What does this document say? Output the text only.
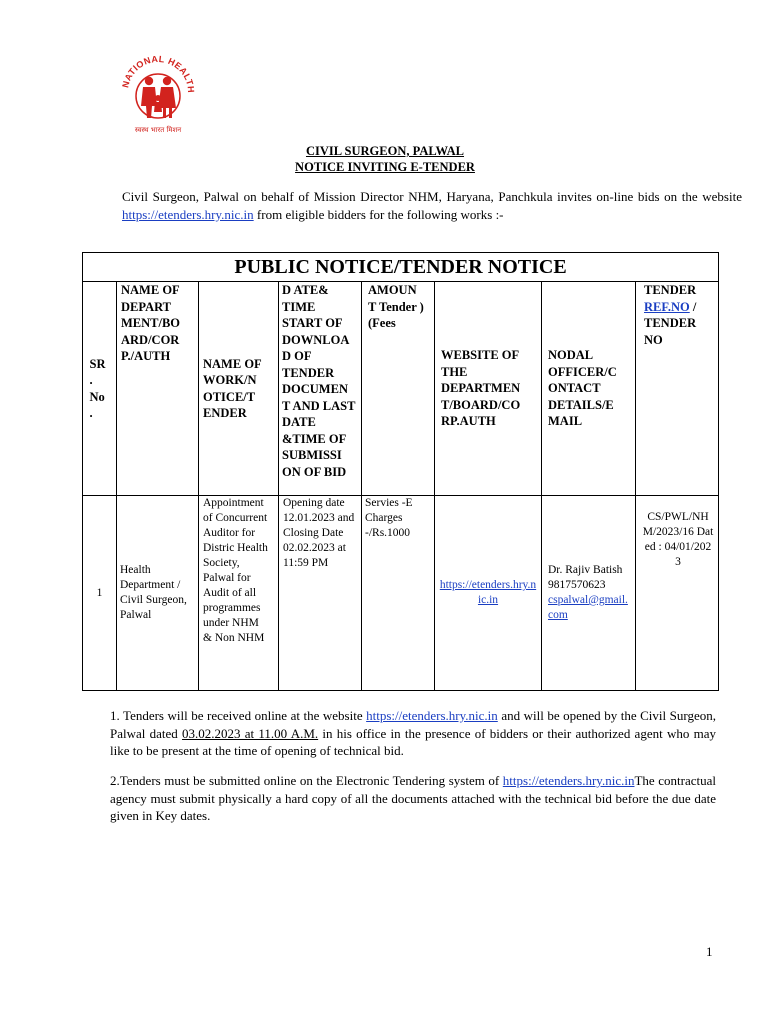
NATIONAL HEALTH
स्वस्थ भारत मिशन
CIVIL SURGEON, PALWAL
NOTICE INVITING E-TENDER
Civil Surgeon, Palwal on behalf of Mission Director NHM, Haryana, Panchkula invites on-line bids on the website https://etenders.hry.nic.in from eligible bidders for the following works :-
PUBLIC NOTICE/TENDER NOTICE							

SR . No .	NAME OF DEPART MENT/BO ARD/COR P./AUTH	NAME OF WORK/N OTICE/T ENDER	D ATE& TIME START OF DOWNLOA D OF TENDER DOCUMEN T AND LAST DATE &TIME OF SUBMISSI ON OF BID	AMOUN T Tender ) (Fees	WEBSITE OF THE DEPARTMEN T/BOARD/CO RP.AUTH	NODAL OFFICER/C ONTACT DETAILS/E MAIL	TENDER
REF.NO / TENDER NO
1	Health Department / Civil Surgeon, Palwal	Appointment of Concurrent Auditor for Distric Health Society, Palwal for Audit of all programmes under NHM & Non NHM	Opening date 12.01.2023 and Closing Date 02.02.2023 at 11:59 PM	Servies -E Charges -/Rs.1000	https://etenders.hry.nic.in	Dr. Rajiv Batish
9817570623
cspalwal@gmail.com	CS/PWL/NHM/2023/16 Dated : 04/01/2023
1. Tenders will be received online at the website https://etenders.hry.nic.in and will be opened by the Civil Surgeon, Palwal dated 03.02.2023 at 11.00 A.M. in his office in the presence of bidders or their authorized agent who may like to be present at the time of opening of technical bid.
2.Tenders must be submitted online on the Electronic Tendering system of https://etenders.hry.nic.inThe contractual agency must submit physically a hard copy of all the documents attached with the technical bid before the due date given in Key dates.
1
